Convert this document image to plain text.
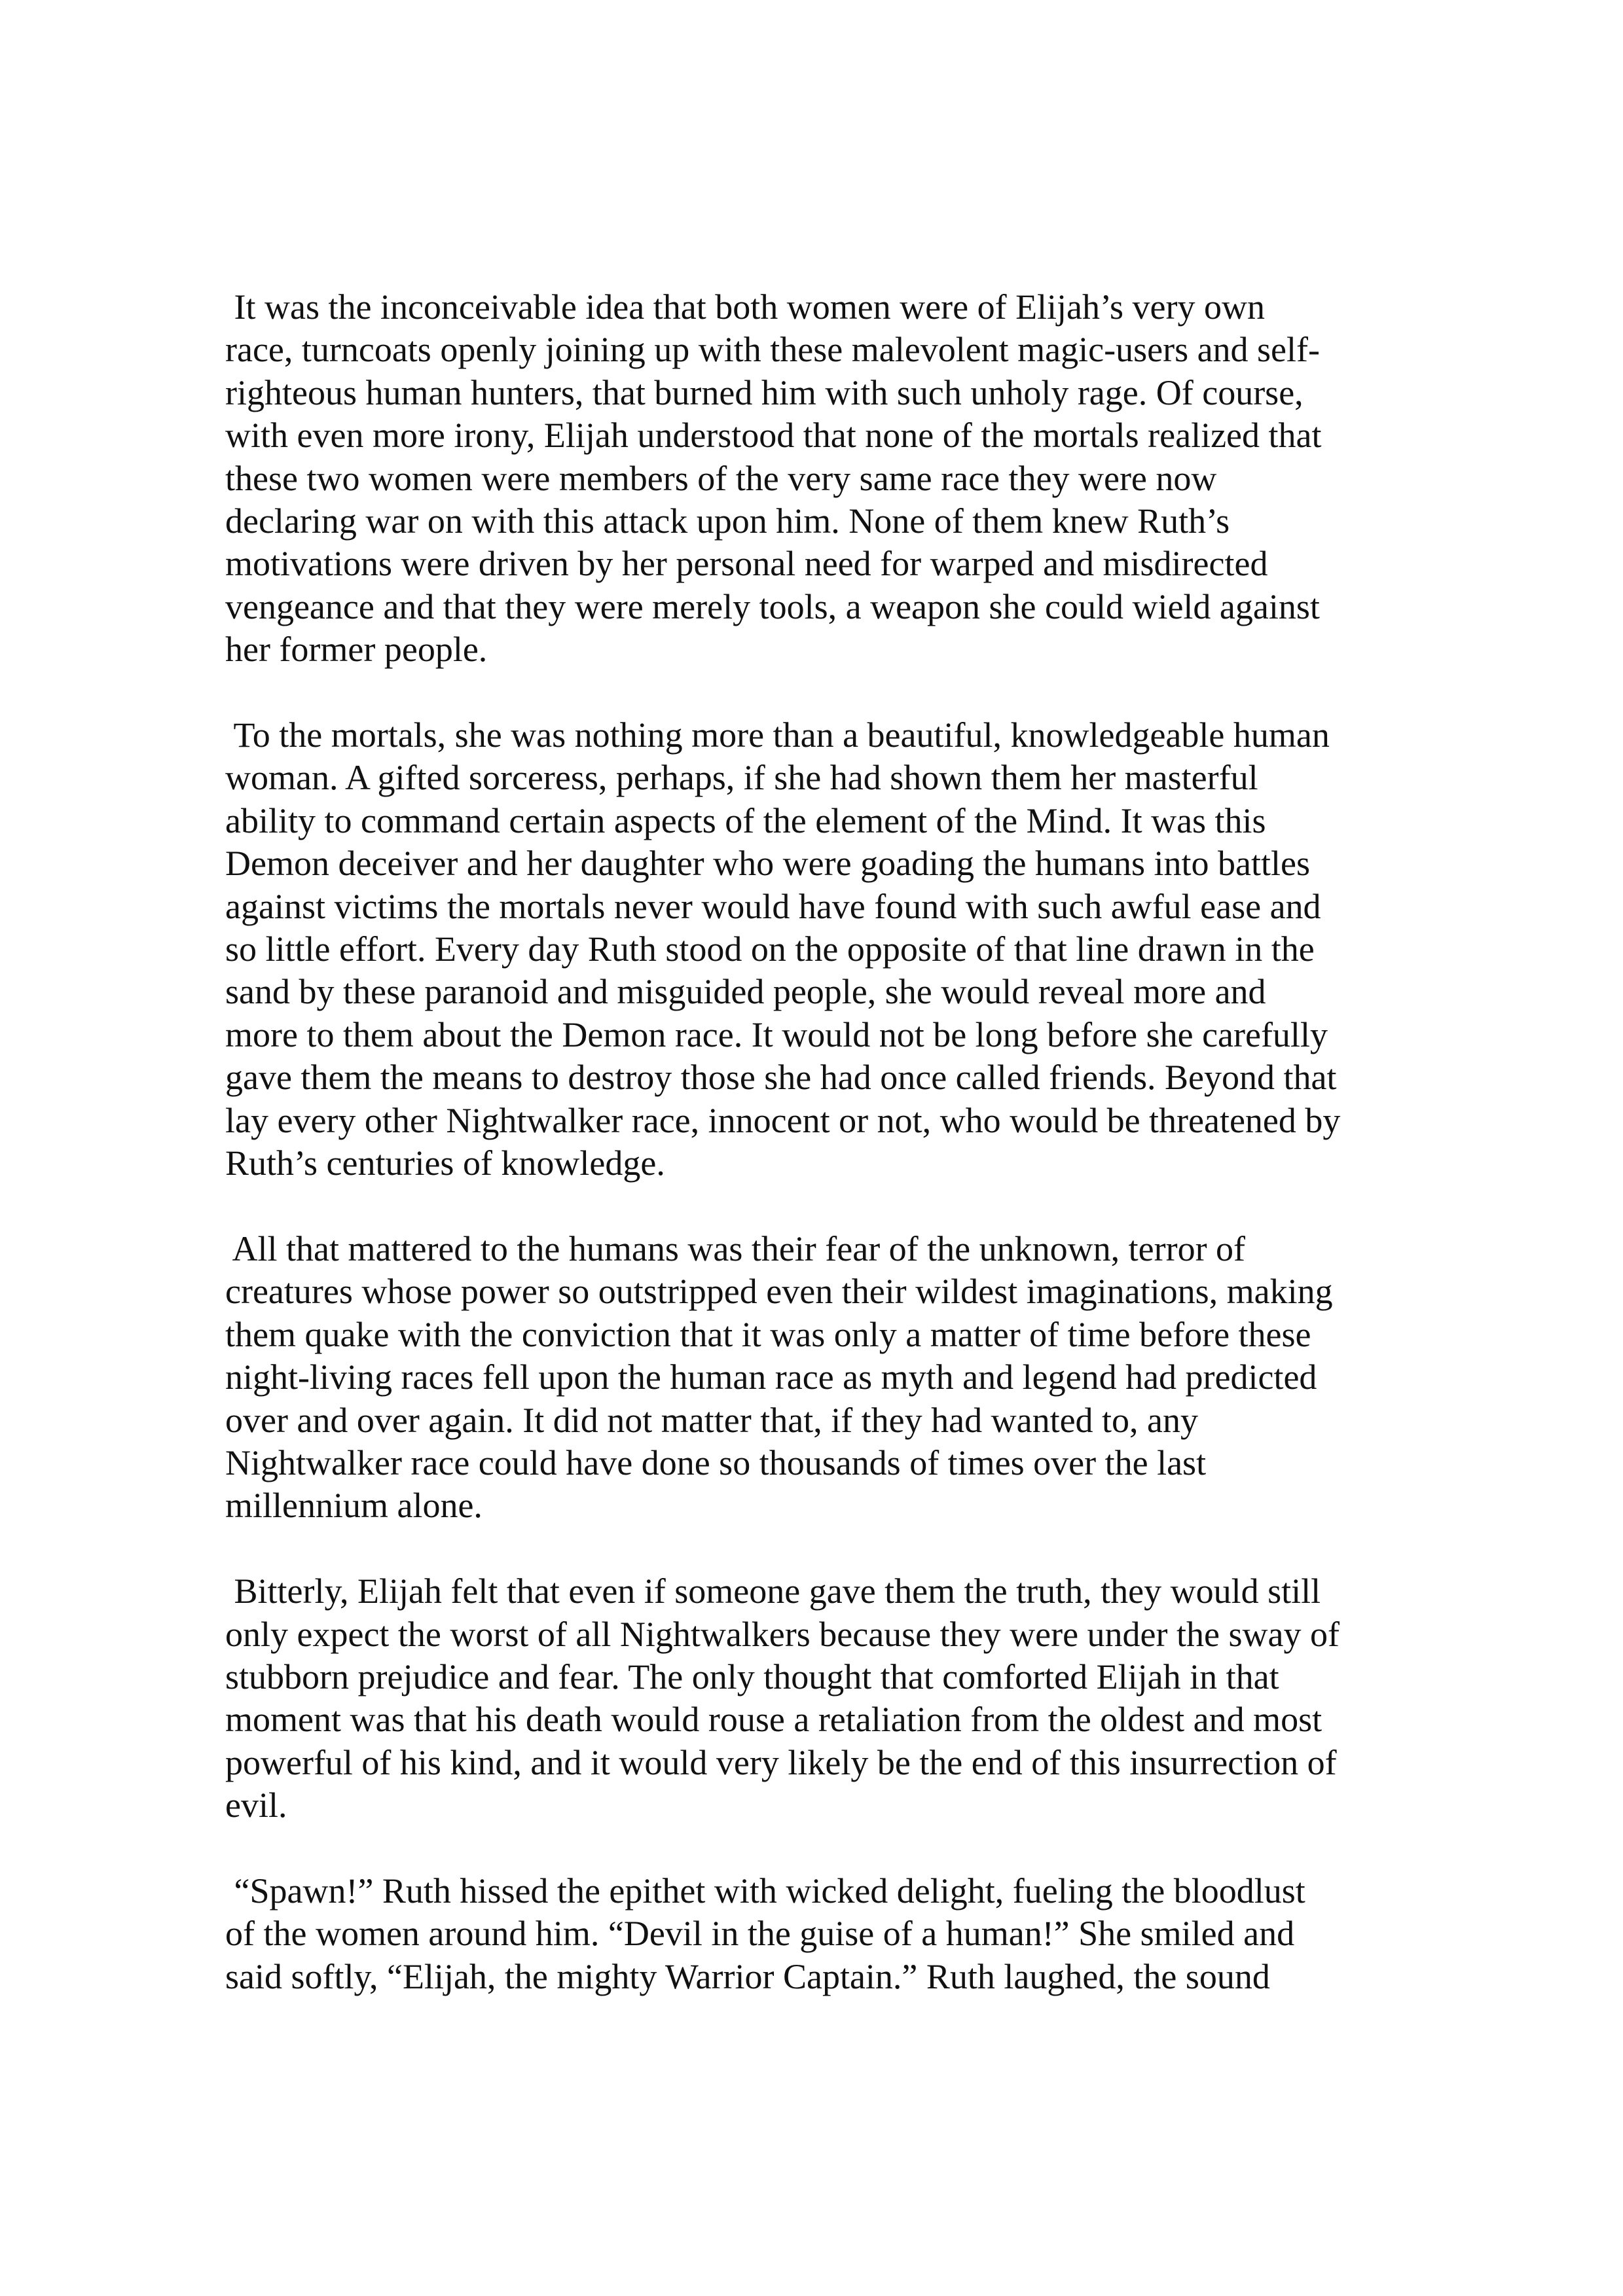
It was the inconceivable idea that both women were of Elijah’s very own
race, turncoats openly joining up with these malevolent magic-users and self-
righteous human hunters, that burned him with such unholy rage. Of course,
with even more irony, Elijah understood that none of the mortals realized that
these two women were members of the very same race they were now
declaring war on with this attack upon him. None of them knew Ruth’s
motivations were driven by her personal need for warped and misdirected
vengeance and that they were merely tools, a weapon she could wield against
her former people.

To the mortals, she was nothing more than a beautiful, knowledgeable human
woman. A gifted sorceress, perhaps, if she had shown them her masterful
ability to command certain aspects of the element of the Mind. It was this
Demon deceiver and her daughter who were goading the humans into battles
against victims the mortals never would have found with such awful ease and
so little effort. Every day Ruth stood on the opposite of that line drawn in the
sand by these paranoid and misguided people, she would reveal more and
more to them about the Demon race. It would not be long before she carefully
gave them the means to destroy those she had once called friends. Beyond that
lay every other Nightwalker race, innocent or not, who would be threatened by
Ruth’s centuries of knowledge.

All that mattered to the humans was their fear of the unknown, terror of
creatures whose power so outstripped even their wildest imaginations, making
them quake with the conviction that it was only a matter of time before these
night-living races fell upon the human race as myth and legend had predicted
over and over again. It did not matter that, if they had wanted to, any
Nightwalker race could have done so thousands of times over the last
millennium alone.

Bitterly, Elijah felt that even if someone gave them the truth, they would still
only expect the worst of all Nightwalkers because they were under the sway of
stubborn prejudice and fear. The only thought that comforted Elijah in that
moment was that his death would rouse a retaliation from the oldest and most
powerful of his kind, and it would very likely be the end of this insurrection of
evil.

“Spawn!” Ruth hissed the epithet with wicked delight, fueling the bloodlust
of the women around him. “Devil in the guise of a human!” She smiled and
said softly, “Elijah, the mighty Warrior Captain.” Ruth laughed, the sound
